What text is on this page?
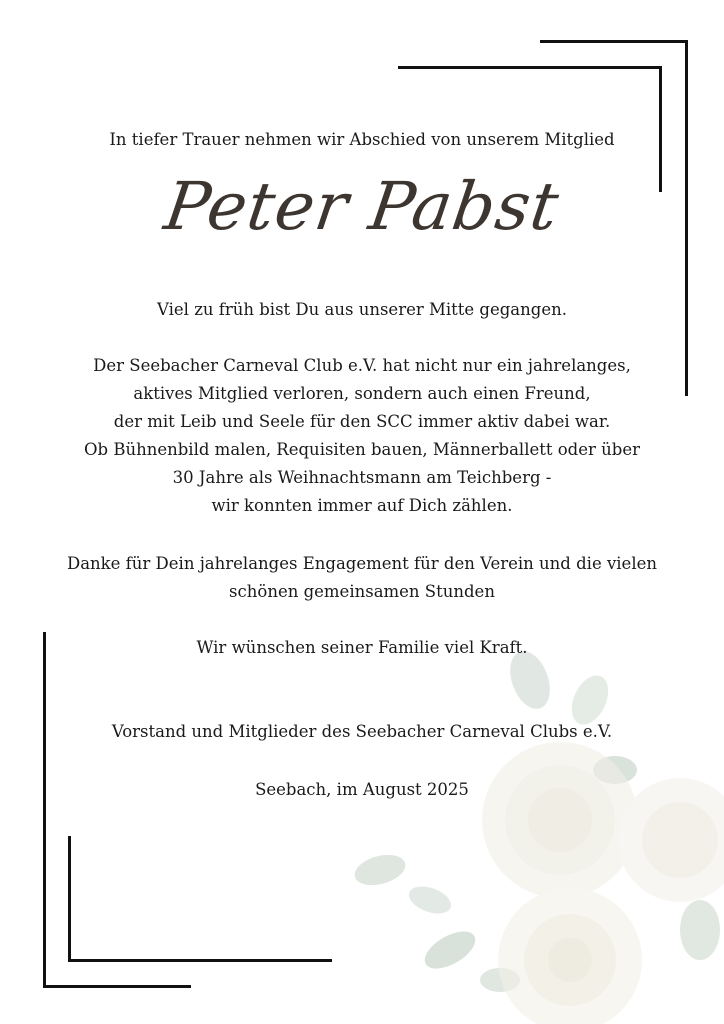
In tiefer Trauer nehmen wir Abschied von unserem Mitglied
Peter Pabst
Viel zu früh bist Du aus unserer Mitte gegangen.
Der Seebacher Carneval Club e.V. hat nicht nur ein jahrelanges,
aktives Mitglied verloren, sondern auch einen Freund,
der mit Leib und Seele für den SCC immer aktiv dabei war.
Ob Bühnenbild malen, Requisiten bauen, Männerballett oder über
30 Jahre als Weihnachtsmann am Teichberg -
wir konnten immer auf Dich zählen.
Danke für Dein jahrelanges Engagement für den Verein und die vielen
schönen gemeinsamen Stunden
Wir wünschen seiner Familie viel Kraft.
Vorstand und Mitglieder des Seebacher Carneval Clubs e.V.
Seebach, im August 2025
